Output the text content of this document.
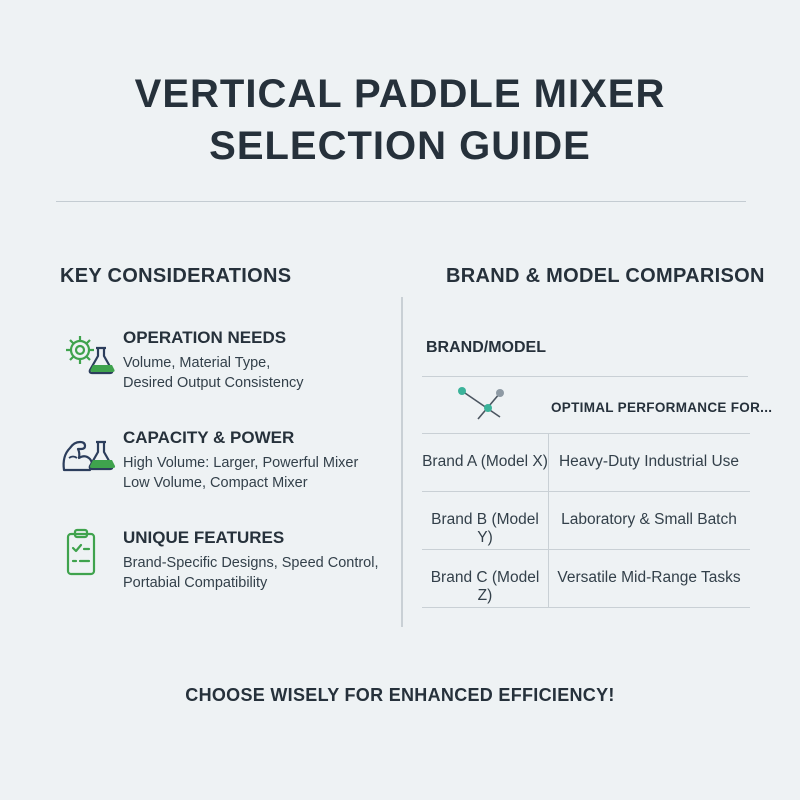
VERTICAL PADDLE MIXER
SELECTION GUIDE
KEY CONSIDERATIONS
OPERATION NEEDS
Volume, Material Type,
Desired Output Consistency
CAPACITY & POWER
High Volume: Larger, Powerful Mixer
Low Volume, Compact Mixer
UNIQUE FEATURES
Brand-Specific Designs, Speed Control,
Portabial Compatibility
BRAND & MODEL COMPARISON
BRAND/MODEL
OPTIMAL PERFORMANCE FOR...
Brand A (Model X) Heavy-Duty Industrial Use
Brand B (Model Y)
Laboratory & Small Batch
Brand C (Model Z)
Versatile Mid-Range Tasks
CHOOSE WISELY FOR ENHANCED EFFICIENCY!
